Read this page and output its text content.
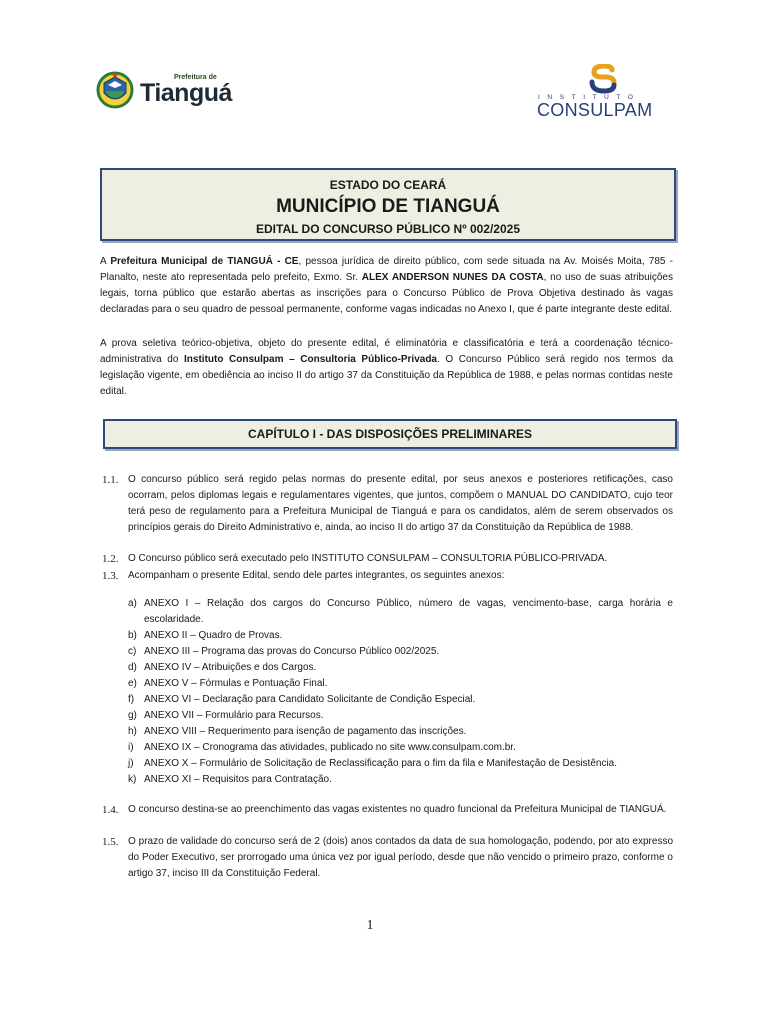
Prefeitura de
Tianguá	INSTITUTO
CONSULPAM
ESTADO DO CEARÁ
MUNICÍPIO DE TIANGUÁ
EDITAL DO CONCURSO PÚBLICO Nº 002/2025

A Prefeitura Municipal de TIANGUÁ - CE, pessoa jurídica de direito público, com sede situada na Av. Moisés Moita, 785 - Planalto, neste ato representada pelo prefeito, Exmo. Sr. ALEX ANDERSON NUNES DA COSTA, no uso de suas atribuições legais, torna público que estarão abertas as inscrições para o Concurso Público de Prova Objetiva destinado às vagas declaradas para o seu quadro de pessoal permanente, conforme vagas indicadas no Anexo I, que é parte integrante deste edital.

A prova seletiva teórico-objetiva, objeto do presente edital, é eliminatória e classificatória e terá a coordenação técnico-administrativa do Instituto Consulpam – Consultoria Público-Privada. O Concurso Público será regido nos termos da legislação vigente, em obediência ao inciso II do artigo 37 da Constituição da República de 1988, e pelas normas contidas neste edital.

CAPÍTULO I - DAS DISPOSIÇÕES PRELIMINARES
1.1. O concurso público será regido pelas normas do presente edital, por seus anexos e posteriores retificações, caso ocorram, pelos diplomas legais e regulamentares vigentes, que juntos, compõem o MANUAL DO CANDIDATO, cujo teor terá peso de regulamento para a Prefeitura Municipal de Tianguá e para os candidatos, além de serem observados os princípios gerais do Direito Administrativo e, ainda, ao inciso II do artigo 37 da Constituição da República de 1988.
1.2. O Concurso público será executado pelo INSTITUTO CONSULPAM – CONSULTORIA PÚBLICO-PRIVADA.
1.3. Acompanham o presente Edital, sendo dele partes integrantes, os seguintes anexos:
a) ANEXO I – Relação dos cargos do Concurso Público, número de vagas, vencimento-base, carga horária e escolaridade.
b) ANEXO II – Quadro de Provas.
c) ANEXO III – Programa das provas do Concurso Público 002/2025.
d) ANEXO IV – Atribuições e dos Cargos.
e) ANEXO V – Fórmulas e Pontuação Final.
f) ANEXO VI – Declaração para Candidato Solicitante de Condição Especial.
g) ANEXO VII – Formulário para Recursos.
h) ANEXO VIII – Requerimento para isenção de pagamento das inscrições.
i) ANEXO IX – Cronograma das atividades, publicado no site www.consulpam.com.br.
j) ANEXO X – Formulário de Solicitação de Reclassificação para o fim da fila e Manifestação de Desistência.
k) ANEXO XI – Requisitos para Contratação.
1.4. O concurso destina-se ao preenchimento das vagas existentes no quadro funcional da Prefeitura Municipal de TIANGUÁ.
1.5. O prazo de validade do concurso será de 2 (dois) anos contados da data de sua homologação, podendo, por ato expresso do Poder Executivo, ser prorrogado uma única vez por igual período, desde que não vencido o primeiro prazo, conforme o artigo 37, inciso III da Constituição Federal.
1
